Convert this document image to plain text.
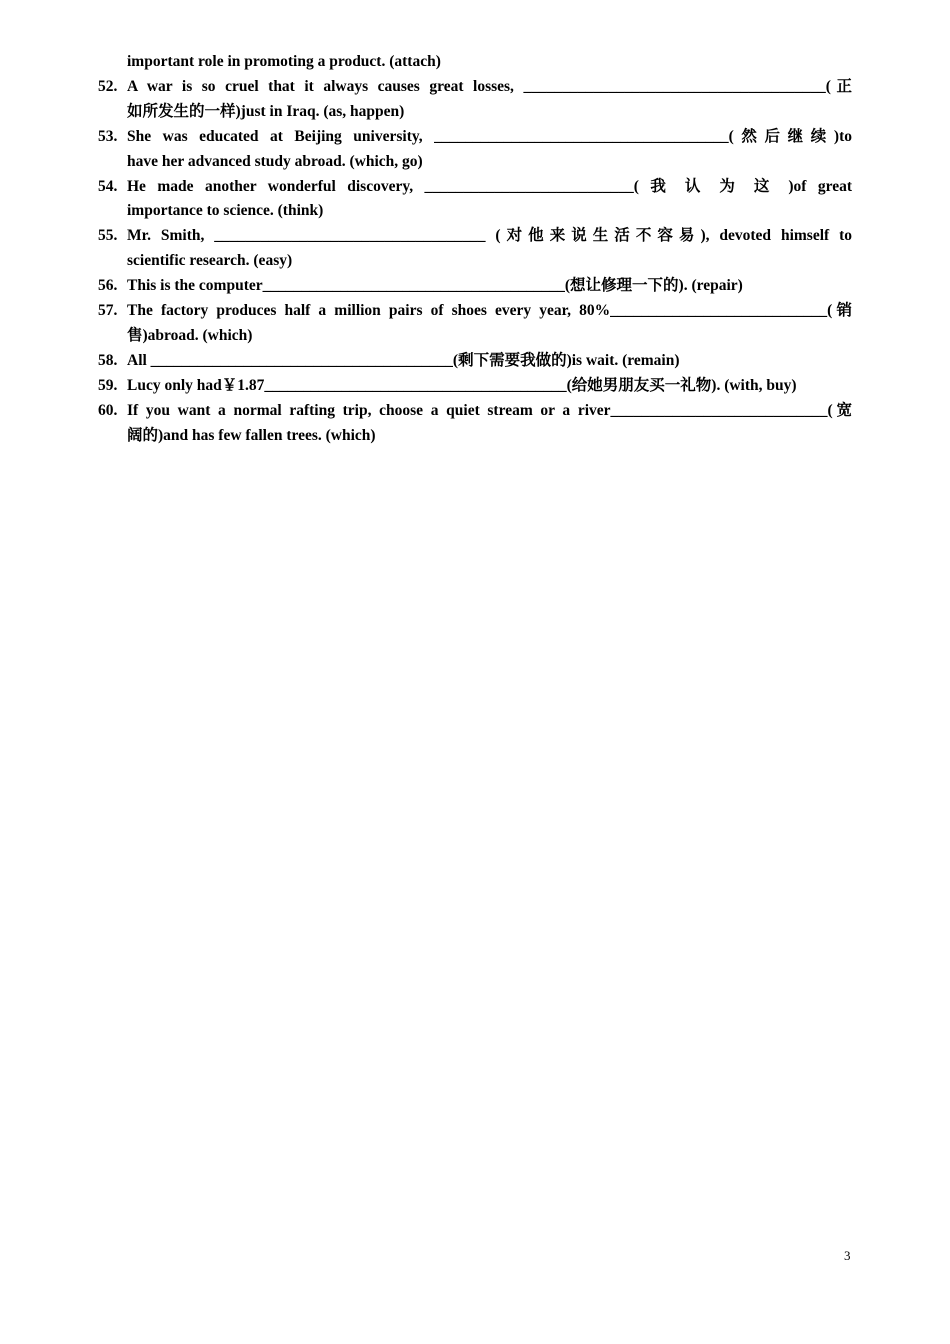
important role in promoting a product. (attach)
52. A war is so cruel that it always causes great losses, _______________________________________(正
如所发生的一样)just in Iraq. (as, happen)
53. She was educated at Beijing university, ______________________________________(然后继续)to
have her advanced study abroad. (which, go)
54. He made another wonderful discovery, ___________________________( 我 认 为 这 )of great
importance to science. (think)
55. Mr. Smith, ___________________________________ (对他来说生活不容易), devoted himself to
scientific research. (easy)
56. This is the computer_______________________________________(想让修理一下的). (repair)
57. The factory produces half a million pairs of shoes every year, 80%____________________________(销
售)abroad. (which)
58. All _______________________________________(剩下需要我做的)is wait. (remain)
59. Lucy only had￥1.87_______________________________________(给她男朋友买一礼物). (with, buy)
60. If you want a normal rafting trip, choose a quiet stream or a river____________________________(宽
阔的)and has few fallen trees. (which)
3
